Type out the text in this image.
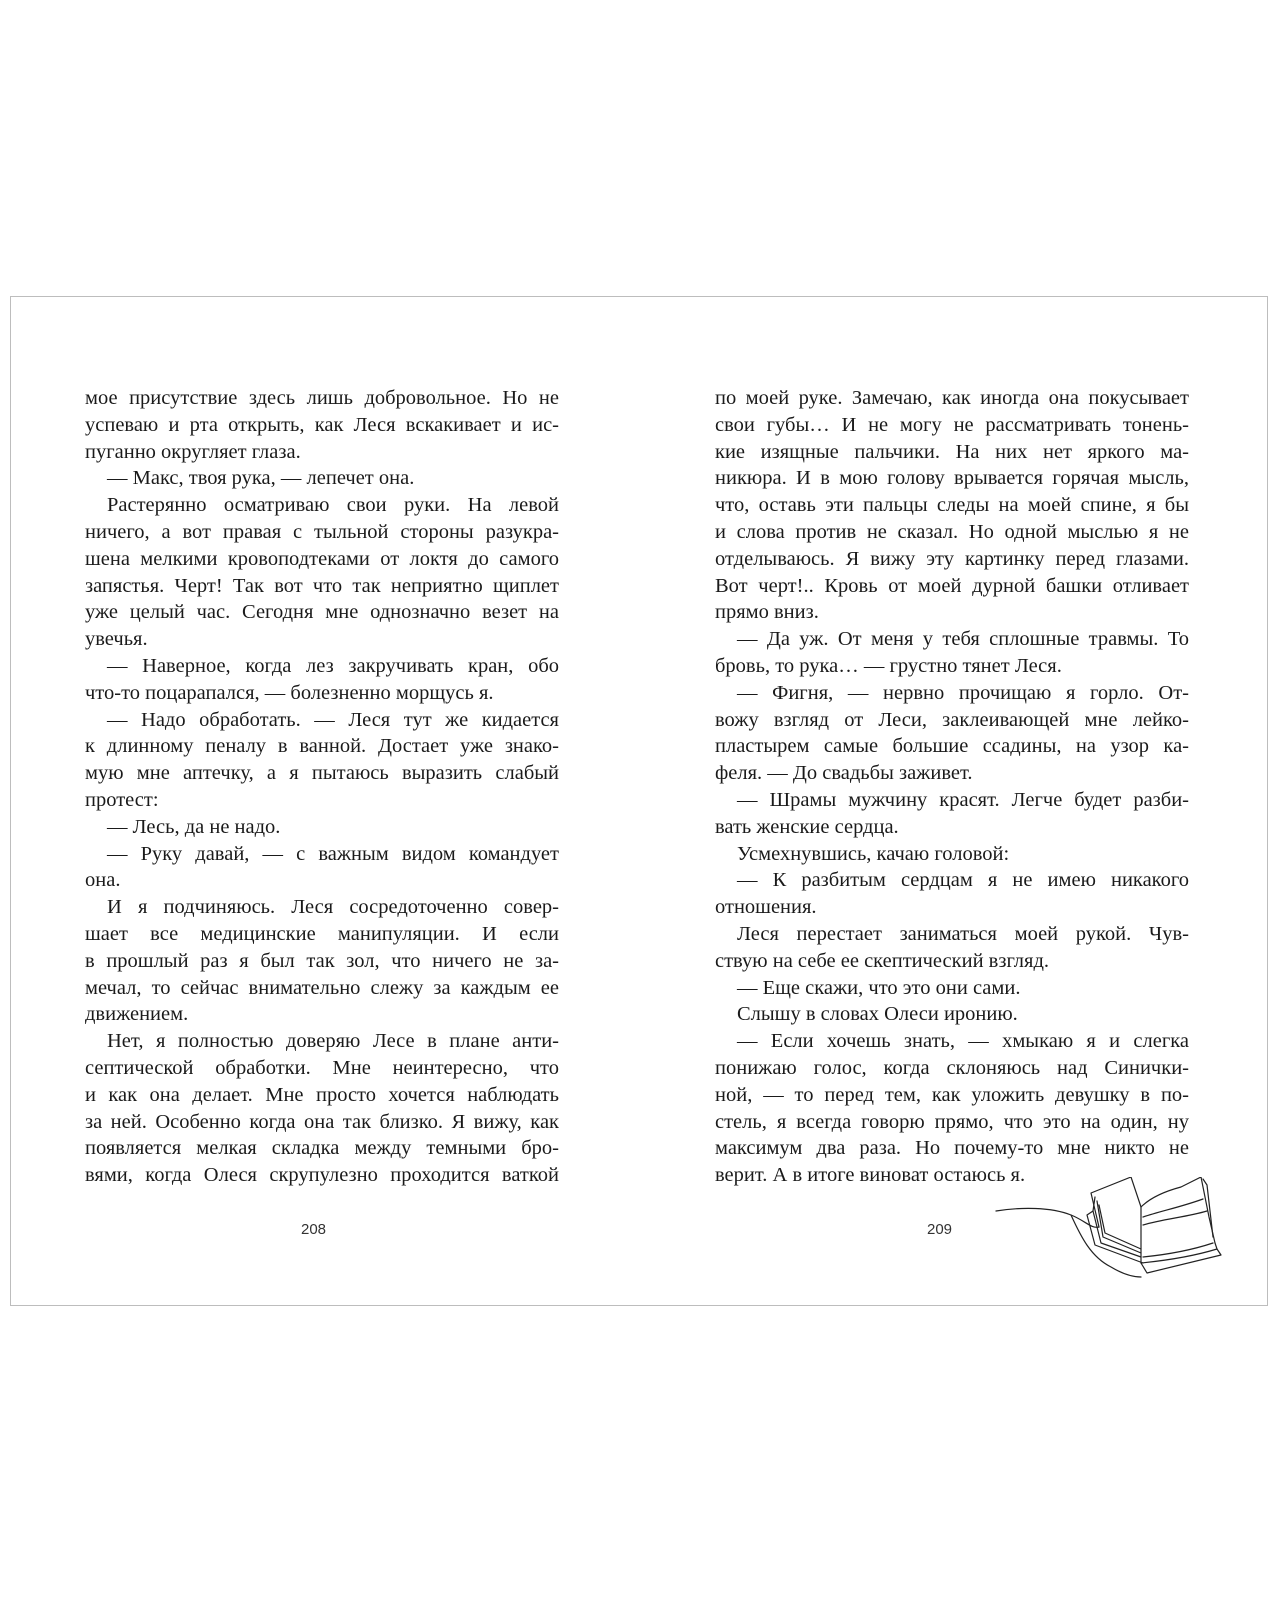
мое присутствие здесь лишь добровольное. Но не
успеваю и рта открыть, как Леся вскакивает и ис-
пуганно округляет глаза.
— Макс, твоя рука, — лепечет она.
Растерянно осматриваю свои руки. На левой
ничего, а вот правая с тыльной стороны разукра-
шена мелкими кровоподтеками от локтя до самого
запястья. Черт! Так вот что так неприятно щиплет
уже целый час. Сегодня мне однозначно везет на
увечья.
— Наверное, когда лез закручивать кран, обо
что-то поцарапался, — болезненно морщусь я.
— Надо обработать. — Леся тут же кидается
к длинному пеналу в ванной. Достает уже знако-
мую мне аптечку, а я пытаюсь выразить слабый
протест:
— Лесь, да не надо.
— Руку давай, — с важным видом командует
она.
И я подчиняюсь. Леся сосредоточенно совер-
шает все медицинские манипуляции. И если
в прошлый раз я был так зол, что ничего не за-
мечал, то сейчас внимательно слежу за каждым ее
движением.
Нет, я полностью доверяю Лесе в плане анти-
септической обработки. Мне неинтересно, что
и как она делает. Мне просто хочется наблюдать
за ней. Особенно когда она так близко. Я вижу, как
появляется мелкая складка между темными бро-
вями, когда Олеся скрупулезно проходится ваткой
208
по моей руке. Замечаю, как иногда она покусывает
свои губы… И не могу не рассматривать тонень-
кие изящные пальчики. На них нет яркого ма-
никюра. И в мою голову врывается горячая мысль,
что, оставь эти пальцы следы на моей спине, я бы
и слова против не сказал. Но одной мыслью я не
отделываюсь. Я вижу эту картинку перед глазами.
Вот черт!.. Кровь от моей дурной башки отливает
прямо вниз.
— Да уж. От меня у тебя сплошные травмы. То
бровь, то рука… — грустно тянет Леся.
— Фигня, — нервно прочищаю я горло. От-
вожу взгляд от Леси, заклеивающей мне лейко-
пластырем самые большие ссадины, на узор ка-
феля. — До свадьбы заживет.
— Шрамы мужчину красят. Легче будет разби-
вать женские сердца.
Усмехнувшись, качаю головой:
— К разбитым сердцам я не имею никакого
отношения.
Леся перестает заниматься моей рукой. Чув-
ствую на себе ее скептический взгляд.
— Еще скажи, что это они сами.
Слышу в словах Олеси иронию.
— Если хочешь знать, — хмыкаю я и слегка
понижаю голос, когда склоняюсь над Синички-
ной, — то перед тем, как уложить девушку в по-
стель, я всегда говорю прямо, что это на один, ну
максимум два раза. Но почему-то мне никто не
верит. А в итоге виноват остаюсь я.
209
